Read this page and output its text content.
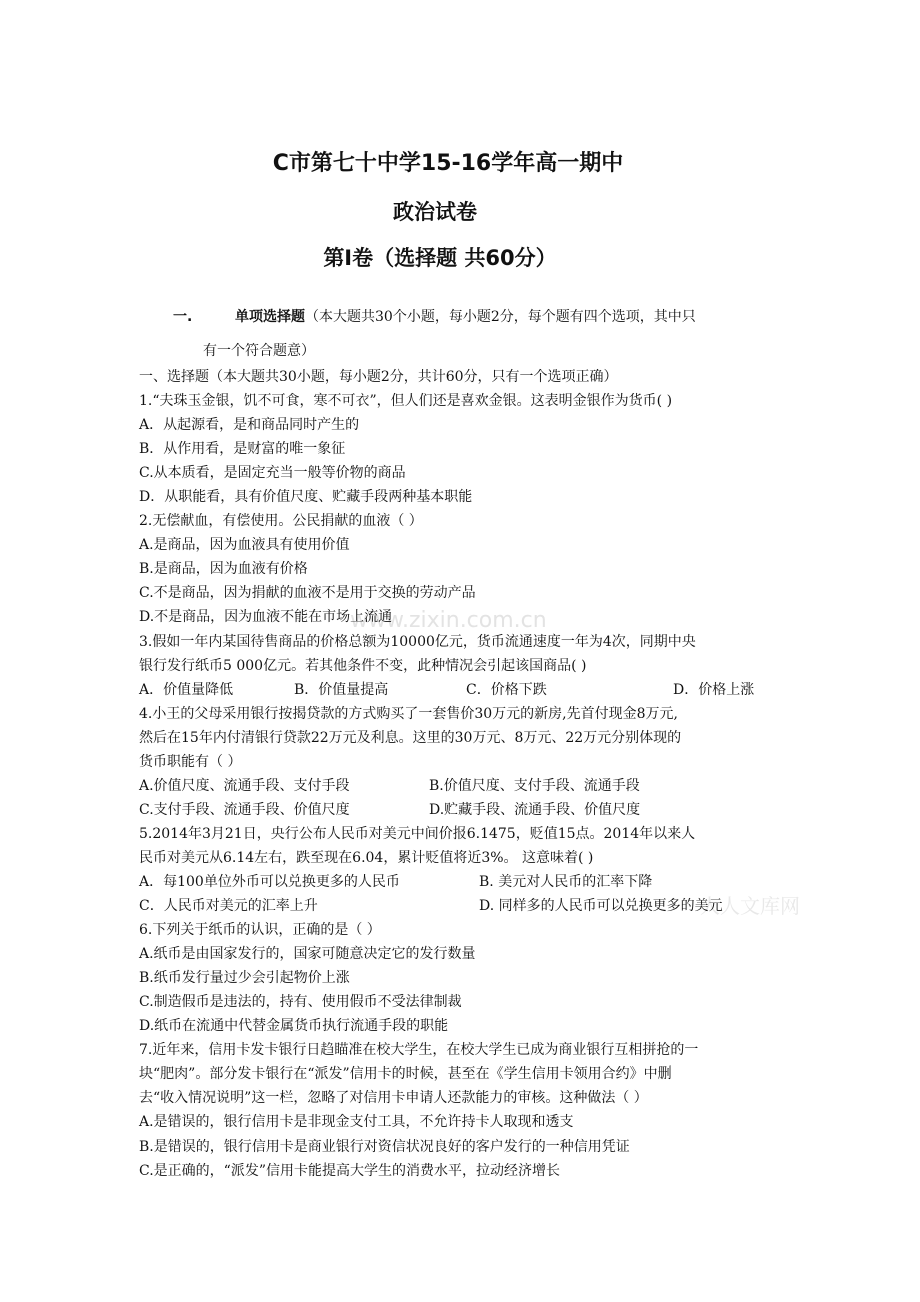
C市第七十中学15-16学年高一期中
政治试卷
第Ⅰ卷（选择题 共60分）
一.	单项选择题（本大题共30个小题，每小题2分，每个题有四个选项，其中只
有一个符合题意）
www.zixin.com.cn
人人文库网
一、选择题（本大题共30小题，每小题2分，共计60分，只有一个选项正确）
1.“夫珠玉金银，饥不可食，寒不可衣”，但人们还是喜欢金银。这表明金银作为货币( )
A．从起源看，是和商品同时产生的
B．从作用看，是财富的唯一象征
C.从本质看，是固定充当一般等价物的商品
D．从职能看，具有价值尺度、贮藏手段两种基本职能
2.无偿献血，有偿使用。公民捐献的血液（ ）
A.是商品，因为血液具有使用价值
B.是商品，因为血液有价格
C.不是商品，因为捐献的血液不是用于交换的劳动产品
D.不是商品，因为血液不能在市场上流通
3.假如一年内某国待售商品的价格总额为10000亿元，货币流通速度一年为4次，同期中央
银行发行纸币5 000亿元。若其他条件不变，此种情况会引起该国商品( )
A．价值量降低	B．价值量提高	C．价格下跌	D．价格上涨
4.小王的父母采用银行按揭贷款的方式购买了一套售价30万元的新房,先首付现金8万元,
然后在15年内付清银行贷款22万元及利息。这里的30万元、8万元、22万元分别体现的
货币职能有（ ）
A.价值尺度、流通手段、支付手段	B.价值尺度、支付手段、流通手段
C.支付手段、流通手段、价值尺度	D.贮藏手段、流通手段、价值尺度
5.2014年3月21日，央行公布人民币对美元中间价报6.1475，贬值15点。2014年以来人
民币对美元从6.14左右，跌至现在6.04，累计贬值将近3%。 这意味着( )
A．每100单位外币可以兑换更多的人民币	B. 美元对人民币的汇率下降
C．人民币对美元的汇率上升	D. 同样多的人民币可以兑换更多的美元
6.下列关于纸币的认识，正确的是（ ）
A.纸币是由国家发行的，国家可随意决定它的发行数量
B.纸币发行量过少会引起物价上涨
C.制造假币是违法的，持有、使用假币不受法律制裁
D.纸币在流通中代替金属货币执行流通手段的职能
7.近年来，信用卡发卡银行日趋瞄准在校大学生，在校大学生已成为商业银行互相拼抢的一
块“肥肉”。部分发卡银行在“派发”信用卡的时候，甚至在《学生信用卡领用合约》中删
去“收入情况说明”这一栏，忽略了对信用卡申请人还款能力的审核。这种做法（ ）
A.是错误的，银行信用卡是非现金支付工具，不允许持卡人取现和透支
B.是错误的，银行信用卡是商业银行对资信状况良好的客户发行的一种信用凭证
C.是正确的，“派发”信用卡能提高大学生的消费水平，拉动经济增长
